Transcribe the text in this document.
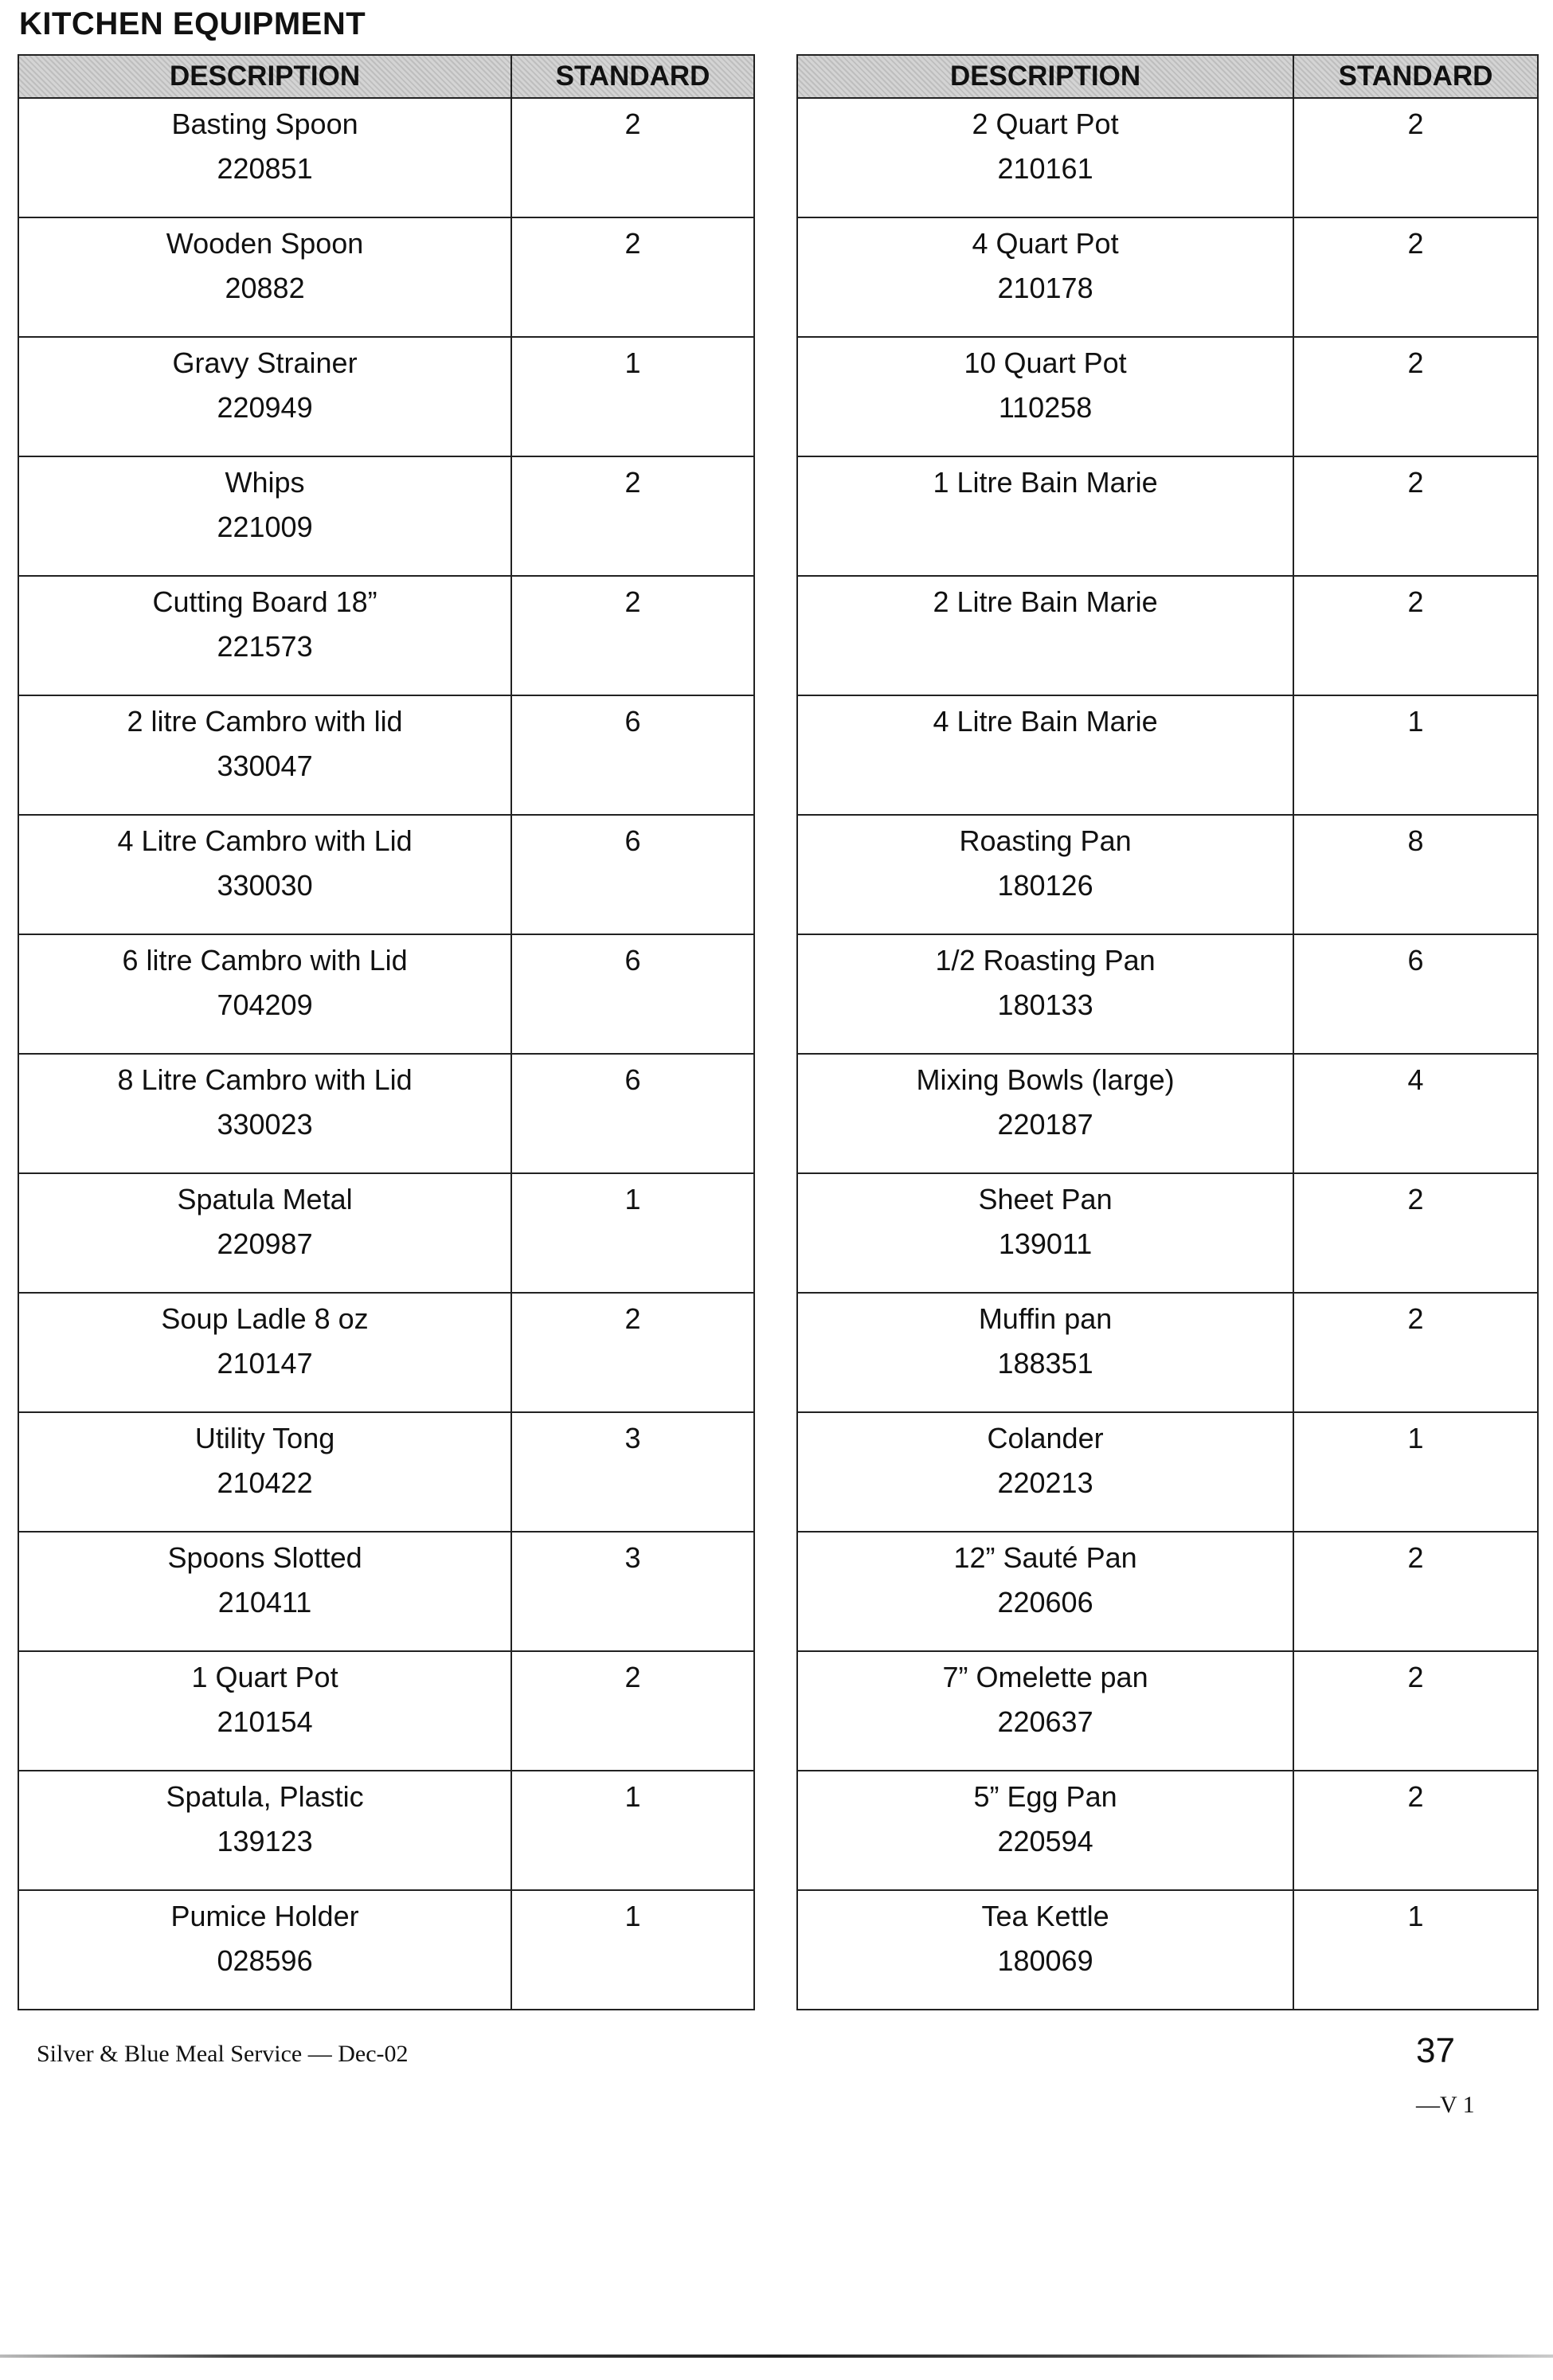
KITCHEN EQUIPMENT
DESCRIPTION	STANDARD

Basting Spoon
220851	2

Wooden Spoon
20882	2

Gravy Strainer
220949	1

Whips
221009	2

Cutting Board 18”
221573	2

2 litre Cambro with lid
330047	6

4 Litre Cambro with Lid
330030	6

6 litre Cambro with Lid
704209	6

8 Litre Cambro with Lid
330023	6

Spatula Metal
220987	1

Soup Ladle 8 oz
210147	2

Utility Tong
210422	3

Spoons Slotted
210411	3

1 Quart Pot
210154	2

Spatula, Plastic
139123	1

Pumice Holder
028596	1
DESCRIPTION	STANDARD

2 Quart Pot
210161	2

4 Quart Pot
210178	2

10 Quart Pot
110258	2

1 Litre Bain Marie	2

2 Litre Bain Marie	2

4 Litre Bain Marie	1

Roasting Pan
180126	8

1/2 Roasting Pan
180133	6

Mixing Bowls (large)
220187	4

Sheet Pan
139011	2

Muffin pan
188351	2

Colander
220213	1

12” Sauté Pan
220606	2

7” Omelette pan
220637	2

5” Egg Pan
220594	2

Tea Kettle
180069	1
Silver & Blue Meal Service — Dec-02	37
—V 1
